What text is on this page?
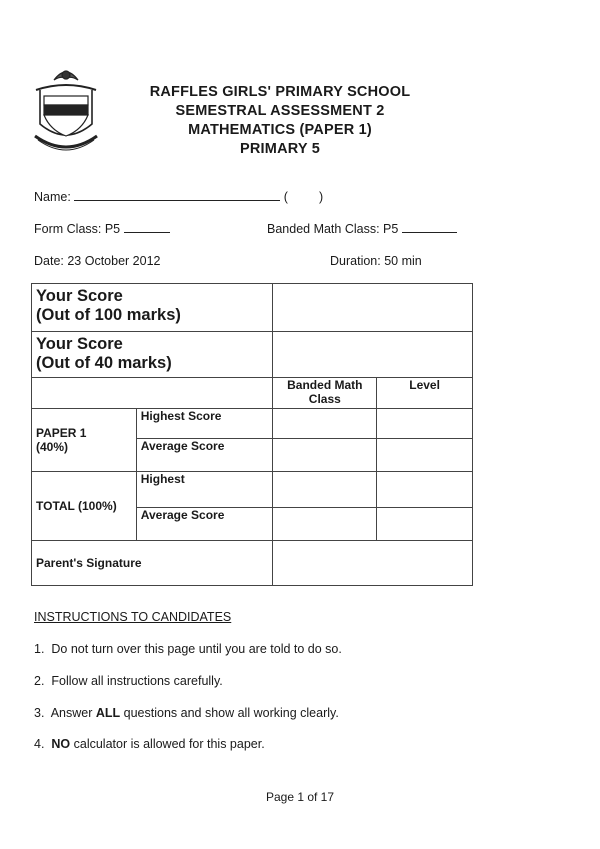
RAFFLES GIRLS' PRIMARY SCHOOL
SEMESTRAL ASSESSMENT 2
MATHEMATICS (PAPER 1)
PRIMARY 5
Name:	( )
Form Class: P5	Banded Math Class: P5
Date: 23 October 2012	Duration: 50 min
Your Score
(Out of 100 marks)			

Your Score
(Out of 40 marks)			

		Banded Math Class	Level

PAPER 1
(40%)	Highest Score		
	Average Score		
TOTAL (100%)	Highest		
	Average Score		
Parent's Signature			
INSTRUCTIONS TO CANDIDATES
1. Do not turn over this page until you are told to do so.
2. Follow all instructions carefully.
3. Answer ALL questions and show all working clearly.
4. NO calculator is allowed for this paper.
Page 1 of 17
